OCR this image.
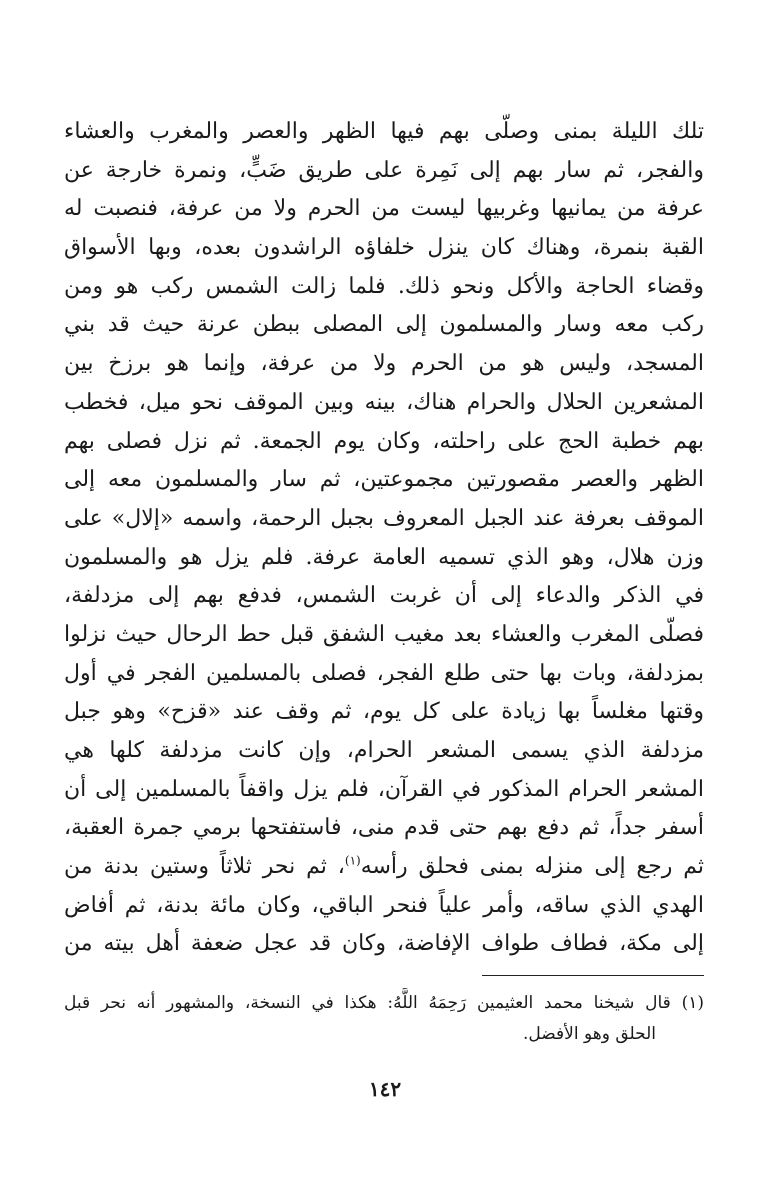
تلك الليلة بمنى وصلّى بهم فيها الظهر والعصر والمغرب والعشاء
والفجر، ثم سار بهم إلى نَمِرة على طريق ضَبٍّ، ونمرة خارجة عن
عرفة من يمانيها وغربيها ليست من الحرم ولا من عرفة، فنصبت له
القبة بنمرة، وهناك كان ينزل خلفاؤه الراشدون بعده، وبها الأسواق
وقضاء الحاجة والأكل ونحو ذلك. فلما زالت الشمس ركب هو ومن
ركب معه وسار والمسلمون إلى المصلى ببطن عرنة حيث قد بني
المسجد، وليس هو من الحرم ولا من عرفة، وإنما هو برزخ بين
المشعرين الحلال والحرام هناك، بينه وبين الموقف نحو ميل، فخطب
بهم خطبة الحج على راحلته، وكان يوم الجمعة. ثم نزل فصلى بهم
الظهر والعصر مقصورتين مجموعتين، ثم سار والمسلمون معه إلى
الموقف بعرفة عند الجبل المعروف بجبل الرحمة، واسمه «إلال» على
وزن هلال، وهو الذي تسميه العامة عرفة. فلم يزل هو والمسلمون
في الذكر والدعاء إلى أن غربت الشمس، فدفع بهم إلى مزدلفة،
فصلّى المغرب والعشاء بعد مغيب الشفق قبل حط الرحال حيث نزلوا
بمزدلفة، وبات بها حتى طلع الفجر، فصلى بالمسلمين الفجر في أول
وقتها مغلساً بها زيادة على كل يوم، ثم وقف عند «قزح» وهو جبل
مزدلفة الذي يسمى المشعر الحرام، وإن كانت مزدلفة كلها هي
المشعر الحرام المذكور في القرآن، فلم يزل واقفاً بالمسلمين إلى أن
أسفر جداً، ثم دفع بهم حتى قدم منى، فاستفتحها برمي جمرة العقبة،
ثم رجع إلى منزله بمنى فحلق رأسه$^{(١)}$، ثم نحر ثلاثاً وستين بدنة من
الهدي الذي ساقه، وأمر علياً فنحر الباقي، وكان مائة بدنة، ثم أفاض
إلى مكة، فطاف طواف الإفاضة، وكان قد عجل ضعفة أهل بيته من
(١) قال شيخنا محمد العثيمين رَحِمَهُ اللَّهُ: هكذا في النسخة، والمشهور أنه نحر قبل
الحلق وهو الأفضل.
١٤٢
